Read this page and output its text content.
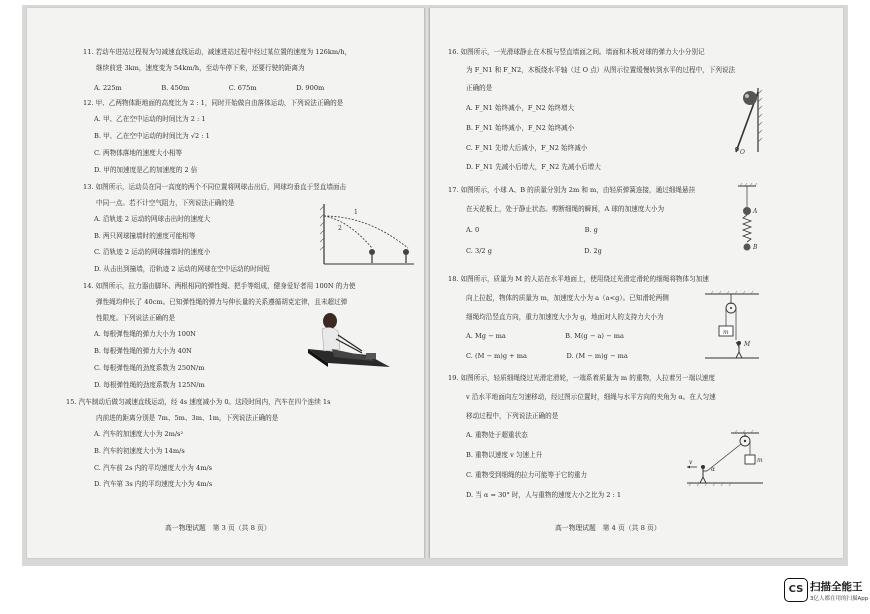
11. 若动车进站过程视为匀减速直线运动，减速进站过程中经过某位置的速度为 126km/h，
继续前进 3km，速度变为 54km/h，至动车停下来，还要行驶的距离为
A. 225m　　　　　　B. 450m　　　　　　C. 675m　　　　　　D. 900m
12. 甲、乙两物体距地面的高度比为 2 : 1，同时开始做自由落体运动，下列说法正确的是
A. 甲、乙在空中运动的时间比为 2 : 1
B. 甲、乙在空中运动的时间比为 √2 : 1
C. 两物体落地的速度大小相等
D. 甲的加速度是乙的加速度的 2 倍
13. 如图所示，运动员在同一高度的两个不同位置将网球击出后，网球均垂直于竖直墙面击
中同一点。若不计空气阻力，下列说法正确的是
A. 沿轨迹 2 运动的网球击出时的速度大
B. 两只网球撞墙时的速度可能相等
C. 沿轨迹 2 运动的网球撞墙时的速度小
D. 从击出到撞墙，沿轨迹 2 运动的网球在空中运动的时间短
14. 如图所示，拉力器由脚环、两根相同的弹性绳、把手等组成，健身爱好者用 100N 的力使
弹性绳均伸长了 40cm。已知弹性绳的弹力与伸长量的关系遵循胡克定律，且未超过弹
性限度。下列说法正确的是
A. 每根弹性绳的弹力大小为 100N
B. 每根弹性绳的弹力大小为 40N
C. 每根弹性绳的劲度系数为 250N/m
D. 每根弹性绳的劲度系数为 125N/m
15. 汽车制动后做匀减速直线运动，经 4s 速度减小为 0。这段时间内，汽车在四个连续 1s
内前进的距离分别是 7m、5m、3m、1m，下列说法正确的是
A. 汽车的加速度大小为 2m/s²
B. 汽车的初速度大小为 14m/s
C. 汽车前 2s 内的平均速度大小为 4m/s
D. 汽车第 3s 内的平均速度大小为 4m/s
高一物理试题　第 3 页（共 8 页）
1
2
16. 如图所示，一光滑球静止在木板与竖直墙面之间。墙面和木板对球的弹力大小分别记
为 F_N1 和 F_N2，木板绕水平轴（过 O 点）从图示位置缓慢转到水平的过程中，下列说法
正确的是
A. F_N1 始终减小，F_N2 始终增大
B. F_N1 始终减小，F_N2 始终减小
C. F_N1 先增大后减小，F_N2 始终减小
D. F_N1 先减小后增大，F_N2 先减小后增大
17. 如图所示，小球 A、B 的质量分别为 2m 和 m，由轻质弹簧连接，通过细绳悬挂
在天花板上，处于静止状态。剪断细绳的瞬间，A 球的加速度大小为
A. 0　　　　　　　　　　　　　　　　B. g
C. 3/2 g　　　　　　　　　　　　　　D. 2g
18. 如图所示，质量为 M 的人站在水平地面上，使用绕过光滑定滑轮的细绳将物体匀加速
向上拉起，物体的质量为 m，加速度大小为 a（a<g）。已知滑轮两侧
细绳均沿竖直方向，重力加速度大小为 g，地面对人的支持力大小为
A. Mg − ma　　　　　　　　　B. M(g − a) − ma
C. (M − m)g + ma　　　　　　D. (M − m)g − ma
19. 如图所示，轻质细绳绕过光滑定滑轮，一端系着质量为 m 的重物，人拉着另一端以速度
v 沿水平地面向左匀速移动，经过图示位置时，细绳与水平方向的夹角为 α。在人匀速
移动过程中，下列说法正确的是
A. 重物处于超重状态
B. 重物以速度 v 匀速上升
C. 重物受到细绳的拉力可能等于它的重力
D. 当 α = 30° 时，人与重物的速度大小之比为 2 : 1
高一物理试题　第 4 页（共 8 页）
O
A
B
m
M
v
α
m
CS 扫描全能王
3亿人都在用的扫描App
